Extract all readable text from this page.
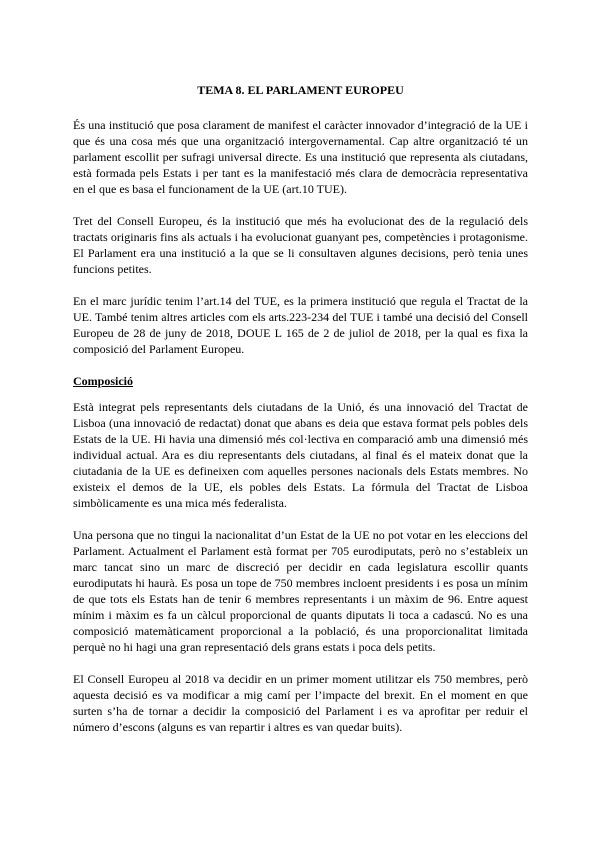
TEMA 8. EL PARLAMENT EUROPEU

És una institució que posa clarament de manifest el caràcter innovador d’integració de la UE i que és una cosa més que una organització intergovernamental. Cap altre organització té un parlament escollit per sufragi universal directe. Es una institució que representa als ciutadans, està formada pels Estats i per tant es la manifestació més clara de democràcia representativa en el que es basa el funcionament de la UE (art.10 TUE).

Tret del Consell Europeu, és la institució que més ha evolucionat des de la regulació dels tractats originaris fins als actuals i ha evolucionat guanyant pes, competències i protagonisme. El Parlament era una institució a la que se li consultaven algunes decisions, però tenia unes funcions petites.

En el marc jurídic tenim l’art.14 del TUE, es la primera institució que regula el Tractat de la UE. També tenim altres articles com els arts.223-234 del TUE i també una decisió del Consell Europeu de 28 de juny de 2018, DOUE L 165 de 2 de juliol de 2018, per la qual es fixa la composició del Parlament Europeu.

Composició

Està integrat pels representants dels ciutadans de la Unió, és una innovació del Tractat de Lisboa (una innovació de redactat) donat que abans es deia que estava format pels pobles dels Estats de la UE. Hi havia una dimensió més col·lectiva en comparació amb una dimensió més individual actual. Ara es diu representants dels ciutadans, al final és el mateix donat que la ciutadania de la UE es defineixen com aquelles persones nacionals dels Estats membres. No existeix el demos de la UE, els pobles dels Estats. La fórmula del Tractat de Lisboa simbòlicamente es una mica més federalista.

Una persona que no tingui la nacionalitat d’un Estat de la UE no pot votar en les eleccions del Parlament. Actualment el Parlament està format per 705 eurodiputats, però no s’estableix un marc tancat sino un marc de discreció per decidir en cada legislatura escollir quants eurodiputats hi haurà. Es posa un tope de 750 membres incloent presidents i es posa un mínim de que tots els Estats han de tenir 6 membres representants i un màxim de 96. Entre aquest mínim i màxim es fa un càlcul proporcional de quants diputats li toca a cadascú. No es una composició matemàticament proporcional a la població, és una proporcionalitat limitada perquè no hi hagi una gran representació dels grans estats i poca dels petits.

El Consell Europeu al 2018 va decidir en un primer moment utilitzar els 750 membres, però aquesta decisió es va modificar a mig camí per l’impacte del brexit. En el moment en que surten s’ha de tornar a decidir la composició del Parlament i es va aprofitar per reduir el número d’escons (alguns es van repartir i altres es van quedar buits).
